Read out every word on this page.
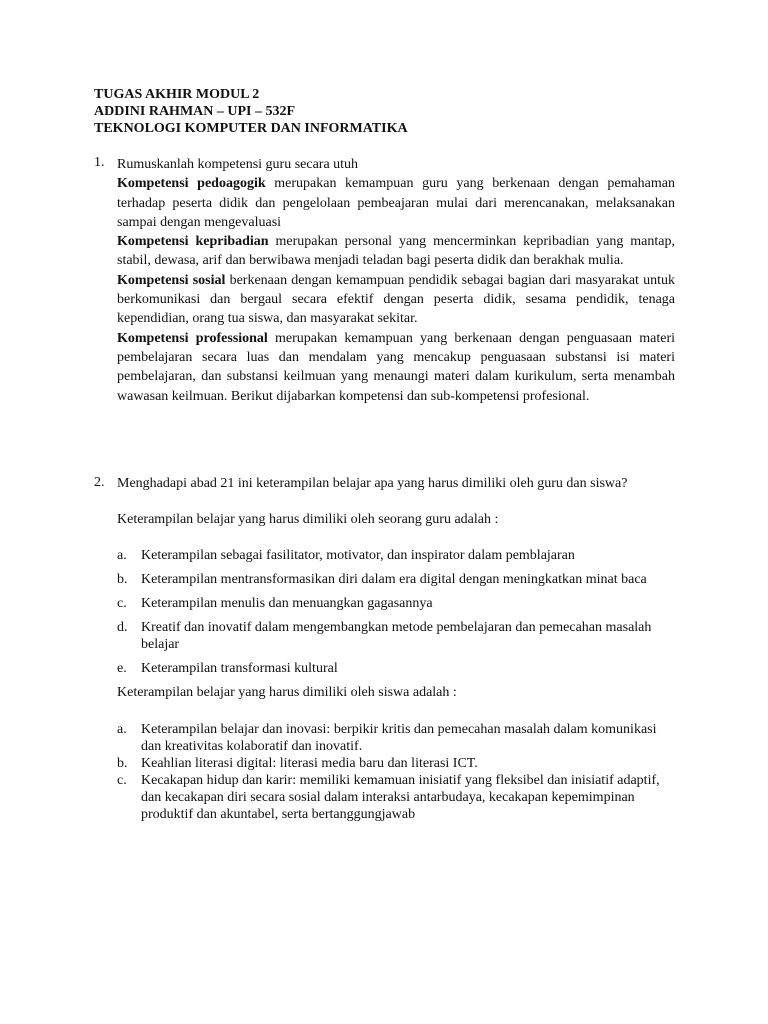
TUGAS AKHIR MODUL 2
ADDINI RAHMAN – UPI – 532F
TEKNOLOGI KOMPUTER DAN INFORMATIKA
1. Rumuskanlah kompetensi guru secara utuh
Kompetensi pedoagogik merupakan kemampuan guru yang berkenaan dengan pemahaman terhadap peserta didik dan pengelolaan pembeajaran mulai dari merencanakan, melaksanakan sampai dengan mengevaluasi
Kompetensi kepribadian merupakan personal yang mencerminkan kepribadian yang mantap, stabil, dewasa, arif dan berwibawa menjadi teladan bagi peserta didik dan berakhak mulia.
Kompetensi sosial berkenaan dengan kemampuan pendidik sebagai bagian dari masyarakat untuk berkomunikasi dan bergaul secara efektif dengan peserta didik, sesama pendidik, tenaga kependidian, orang tua siswa, dan masyarakat sekitar.
Kompetensi professional merupakan kemampuan yang berkenaan dengan penguasaan materi pembelajaran secara luas dan mendalam yang mencakup penguasaan substansi isi materi pembelajaran, dan substansi keilmuan yang menaungi materi dalam kurikulum, serta menambah wawasan keilmuan. Berikut dijabarkan kompetensi dan sub-kompetensi profesional.
2. Menghadapi abad 21 ini keterampilan belajar apa yang harus dimiliki oleh guru dan siswa?
Keterampilan belajar yang harus dimiliki oleh seorang guru adalah :
a. Keterampilan sebagai fasilitator, motivator, dan inspirator dalam pemblajaran
b. Keterampilan mentransformasikan diri dalam era digital dengan meningkatkan minat baca
c. Keterampilan menulis dan menuangkan gagasannya
d. Kreatif dan inovatif dalam mengembangkan metode pembelajaran dan pemecahan masalah belajar
e. Keterampilan transformasi kultural
Keterampilan belajar yang harus dimiliki oleh siswa adalah :
a. Keterampilan belajar dan inovasi: berpikir kritis dan pemecahan masalah dalam komunikasi dan kreativitas kolaboratif dan inovatif.
b. Keahlian literasi digital: literasi media baru dan literasi ICT.
c. Kecakapan hidup dan karir: memiliki kemamuan inisiatif yang fleksibel dan inisiatif adaptif, dan kecakapan diri secara sosial dalam interaksi antarbudaya, kecakapan kepemimpinan produktif dan akuntabel, serta bertanggungjawab
